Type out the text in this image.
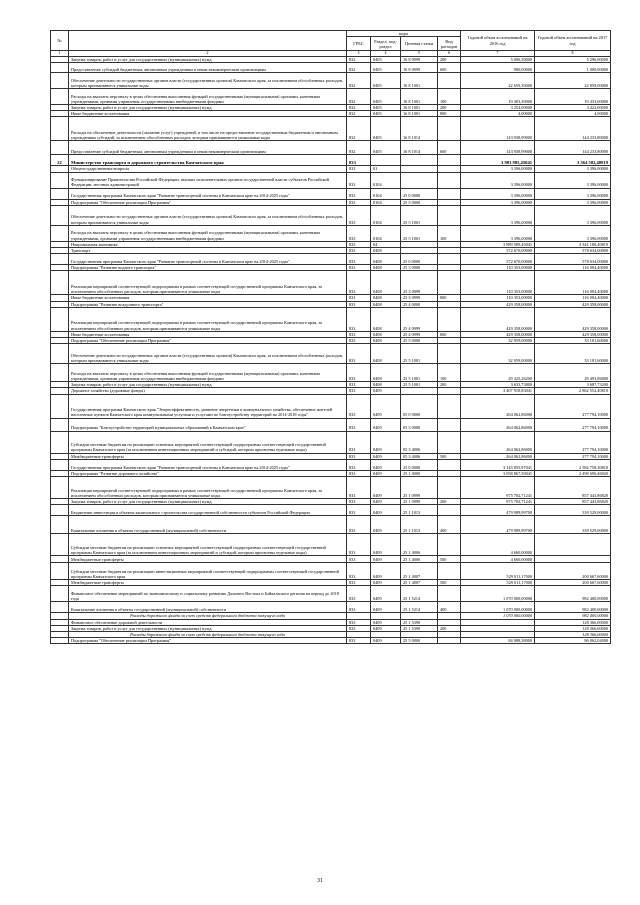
№		коды				Годовой объем ассигнований на 2016 год	Годовой объем ассигнований на 2017 год
		ГРБС	Раздел, под-раздел	Целевая статья	Вид расходов		
1	2	3	4	5	6	7	8
	Закупка товаров, работ и услуг для государственных (муниципальных) нужд	832	0405	16 8 0999	200	5 096,30000	5 296,00000
	Предоставление субсидий бюджетным, автономным учреждениям и иным некоммерческим организациям	832	0405	16 8 0999	600	900,00000	1 000,00000
	Обеспечение деятельности государственных органов власти (государственных органов) Камчатского края, за исключением обособленных расходов, которым присваиваются уникальные коды	832	0405	16 8 1001		22 659,30000	22 859,00000
	Расходы на выплаты персоналу в целях обеспечения выполнения функций государственными (муниципальными) органами, казенными учреждениями, органами управления государственными внебюджетными фондами	832	0405	16 8 1001	100	19 403,30000	19 433,00000
	Закупка товаров, работ и услуг для государственных (муниципальных) нужд	832	0405	16 8 1001	200	3 254,00000	3 422,00000
	Иные бюджетные ассигнования	832	0405	16 8 1001	800	4,00000	4,00000
	Расходы на обеспечение деятельности (оказание услуг) учреждений, в том числе на предоставление государственным бюджетным и автономным учреждениям субсидий, за исключением обособленных расходов, которым присваиваются уникальные коды	832	0405	16 8 1014		143 938,99000	144 233,80000
	Предоставление субсидий бюджетным, автономным учреждениям и иным некоммерческим организациям	832	0405	16 8 1014	600	143 938,99000	144 233,80000
22	Министерство транспорта и дорожного строительства Камчатского края	833				3 983 985,45041	3 564 582,40819
	Общегосударственные вопросы	833	01			3 396,00000	3 396,00000
	Функционирование Правительства Российской Федерации, высших исполнительных органов государственной власти субъектов Российской Федерации, местных администраций	833	0104			3 396,00000	3 396,00000
	Государственная программа Камчатского края "Развитие транспортной системы в Камчатском крае на 2014-2025 годы"	833	0104	25 0 0000		3 396,00000	3 396,00000
	Подпрограмма "Обеспечение реализации Программы"	833	0104	25 5 0000		3 396,00000	3 396,00000
	Обеспечение деятельности государственных органов власти (государственных органов) Камчатского края, за исключением обособленных расходов, которым присваиваются уникальные коды	833	0104	25 5 1001		3 396,00000	3 396,00000
	Расходы на выплаты персоналу в целях обеспечения выполнения функций государственными (муниципальными) органами, казенными учреждениями, органами управления государственными внебюджетными фондами	833	0104	25 5 1001	100	3 396,00000	3 396,00000
	Национальная экономика	833	04			3 889 589,45041	3 341 186,40819
	Транспорт	833	0408			572 670,00000	578 634,00000
	Государственная программа Камчатского края "Развитие транспортной системы в Камчатском крае на 2014-2025 годы"	833	0408	25 0 0000		572 670,00000	578 634,00000
	Подпрограмма "Развитие водного транспорта"	833	0408	25 3 0000		110 353,00000	116 094,40000
	Реализация мероприятий соответствующей подпрограммы в рамках соответствующей государственной программы Камчатского края, за исключением обособленных расходов, которым присваиваются уникальные коды	833	0408	25 3 0999		110 353,00000	116 094,40000
	Иные бюджетные ассигнования	833	0408	25 3 0999	800	110 353,00000	116 094,40000
	Подпрограмма "Развитие воздушного транспорта"	833	0408	25 4 0000		429 358,00000	429 358,00000
	Реализация мероприятий соответствующей подпрограммы в рамках соответствующей государственной программы Камчатского края, за исключением обособленных расходов, которым присваиваются уникальные коды	833	0408	25 4 0999		429 358,00000	429 358,00000
	Иные бюджетные ассигнования	833	0408	25 4 0999	800	429 358,00000	429 358,00000
	Подпрограмма "Обеспечение реализации Программы"	833	0408	25 5 0000		32 959,00000	33 181,60000
	Обеспечение деятельности государственных органов власти (государственных органов) Камчатского края, за исключением обособленных расходов, которым присваиваются уникальные коды	833	0408	25 5 1001		32 959,00000	33 181,60000
	Расходы на выплаты персоналу в целях обеспечения выполнения функций государственными (муниципальными) органами, казенными учреждениями, органами управления государственными внебюджетными фондами	833	0408	25 5 1001	100	29 325,26200	29 493,86800
	Закупка товаров, работ и услуг для государственных (муниципальных) нужд	833	0408	25 5 1001	200	3 633,73800	3 687,73200
	Дорожное хозяйство (дорожные фонды)	833	0409			3 407 918,83041	2 862 552,40810
	Государственная программа Камчатского края "Энергоэффективность, развитие энергетики и коммунального хозяйства, обеспечение жителей населенных пунктов Камчатского края коммунальными услугами и услугами по благоустройству территорий на 2014-2018 годы"	833	0409	05 0 0000		264 062,86000	277 794,10000
	Подпрограмма "Благоустройство территорий муниципальных образований в Камчатском крае"	833	0409	05 3 0000		264 062,86000	277 794,10000
	Субсидии местным бюджетам на реализацию основных мероприятий соответствующей подпрограммы соответствующей государственной программы Камчатского края (за исключением инвестиционных мероприятий и субсидий, которым присвоены отдельные коды)	833	0409	05 3 4006		264 062,86000	277 794,10000
	Межбюджетные трансферты	833	0409	05 3 4006	500	264 062,86000	277 794,10000
	Государственная программа Камчатского края "Развитие транспортной системы в Камчатском крае на 2014-2025 годы"	833	0409	25 0 0000		3 143 855,97041	2 584 758,30810
	Подпрограмма "Развитие дорожного хозяйства"	833	0409	25 1 0000		3 058 867,59041	2 498 696,46820
	Реализация мероприятий соответствующей подпрограммы в рамках соответствующей государственной программы Камчатского края, за исключением обособленных расходов, которым присваиваются уникальные коды	833	0409	25 1 0999		975 782,71241	857 443,86820
	Закупка товаров, работ и услуг для государственных (муниципальных) нужд	833	0409	25 1 0999	200	975 782,71241	857 443,86820
	Бюджетные инвестиции в объекты капитального строительства государственной собственности субъектов Российской Федерации	833	0409	25 1 1013		479 989,99700	339 529,00000
	Капитальные вложения в объекты государственной (муниципальной) собственности	833	0409	25 1 1013	400	479 989,99700	339 529,00000
	Субсидии местным бюджетам на реализацию основных мероприятий соответствующей подпрограммы соответствующей государственной программы Камчатского края (за исключением инвестиционных мероприятий и субсидий, которым присвоены отдельные коды)	833	0409	25 1 4006		4 660,00000	
	Межбюджетные трансферты	833	0409	25 1 4006	500	4 660,00000	
	Субсидии местным бюджетам на реализацию инвестиционных мероприятий соответствующей подпрограммы соответствующей государственной программы Камчатского края	833	0409	25 1 4007		529 011,17000	200 667,60000
	Межбюджетные трансферты	833	0409	25 1 4007	500	529 011,17000	200 667,60000
	Финансовое обеспечение мероприятий по экономическому и социальному развитию Дальнего Востока и Байкальского региона на период до 2018 года	833	0409	25 1 5214		1 070 000,00000	982 400,00000
	Капитальные вложения в объекты государственной (муниципальной) собственности	833	0409	25 1 5214	400	1 070 000,00000	982 400,00000
	Расходы дорожного фонда за счет средств федерального бюджета текущего года					1 070 000,00000	982 400,00000
	Финансовое обеспечение дорожной деятельности	833	0409	25 1 5390			128 366,00000
	Закупка товаров, работ и услуг для государственных (муниципальных) нужд	833	0409	25 1 5390	200		128 366,00000
	Расходы дорожного фонда за счет средств федерального бюджета текущего года						128 366,00000
	Подпрограмма "Обеспечение реализации Программы"	833	0409	25 5 0000		84 988,38000	86 062,04000
31
